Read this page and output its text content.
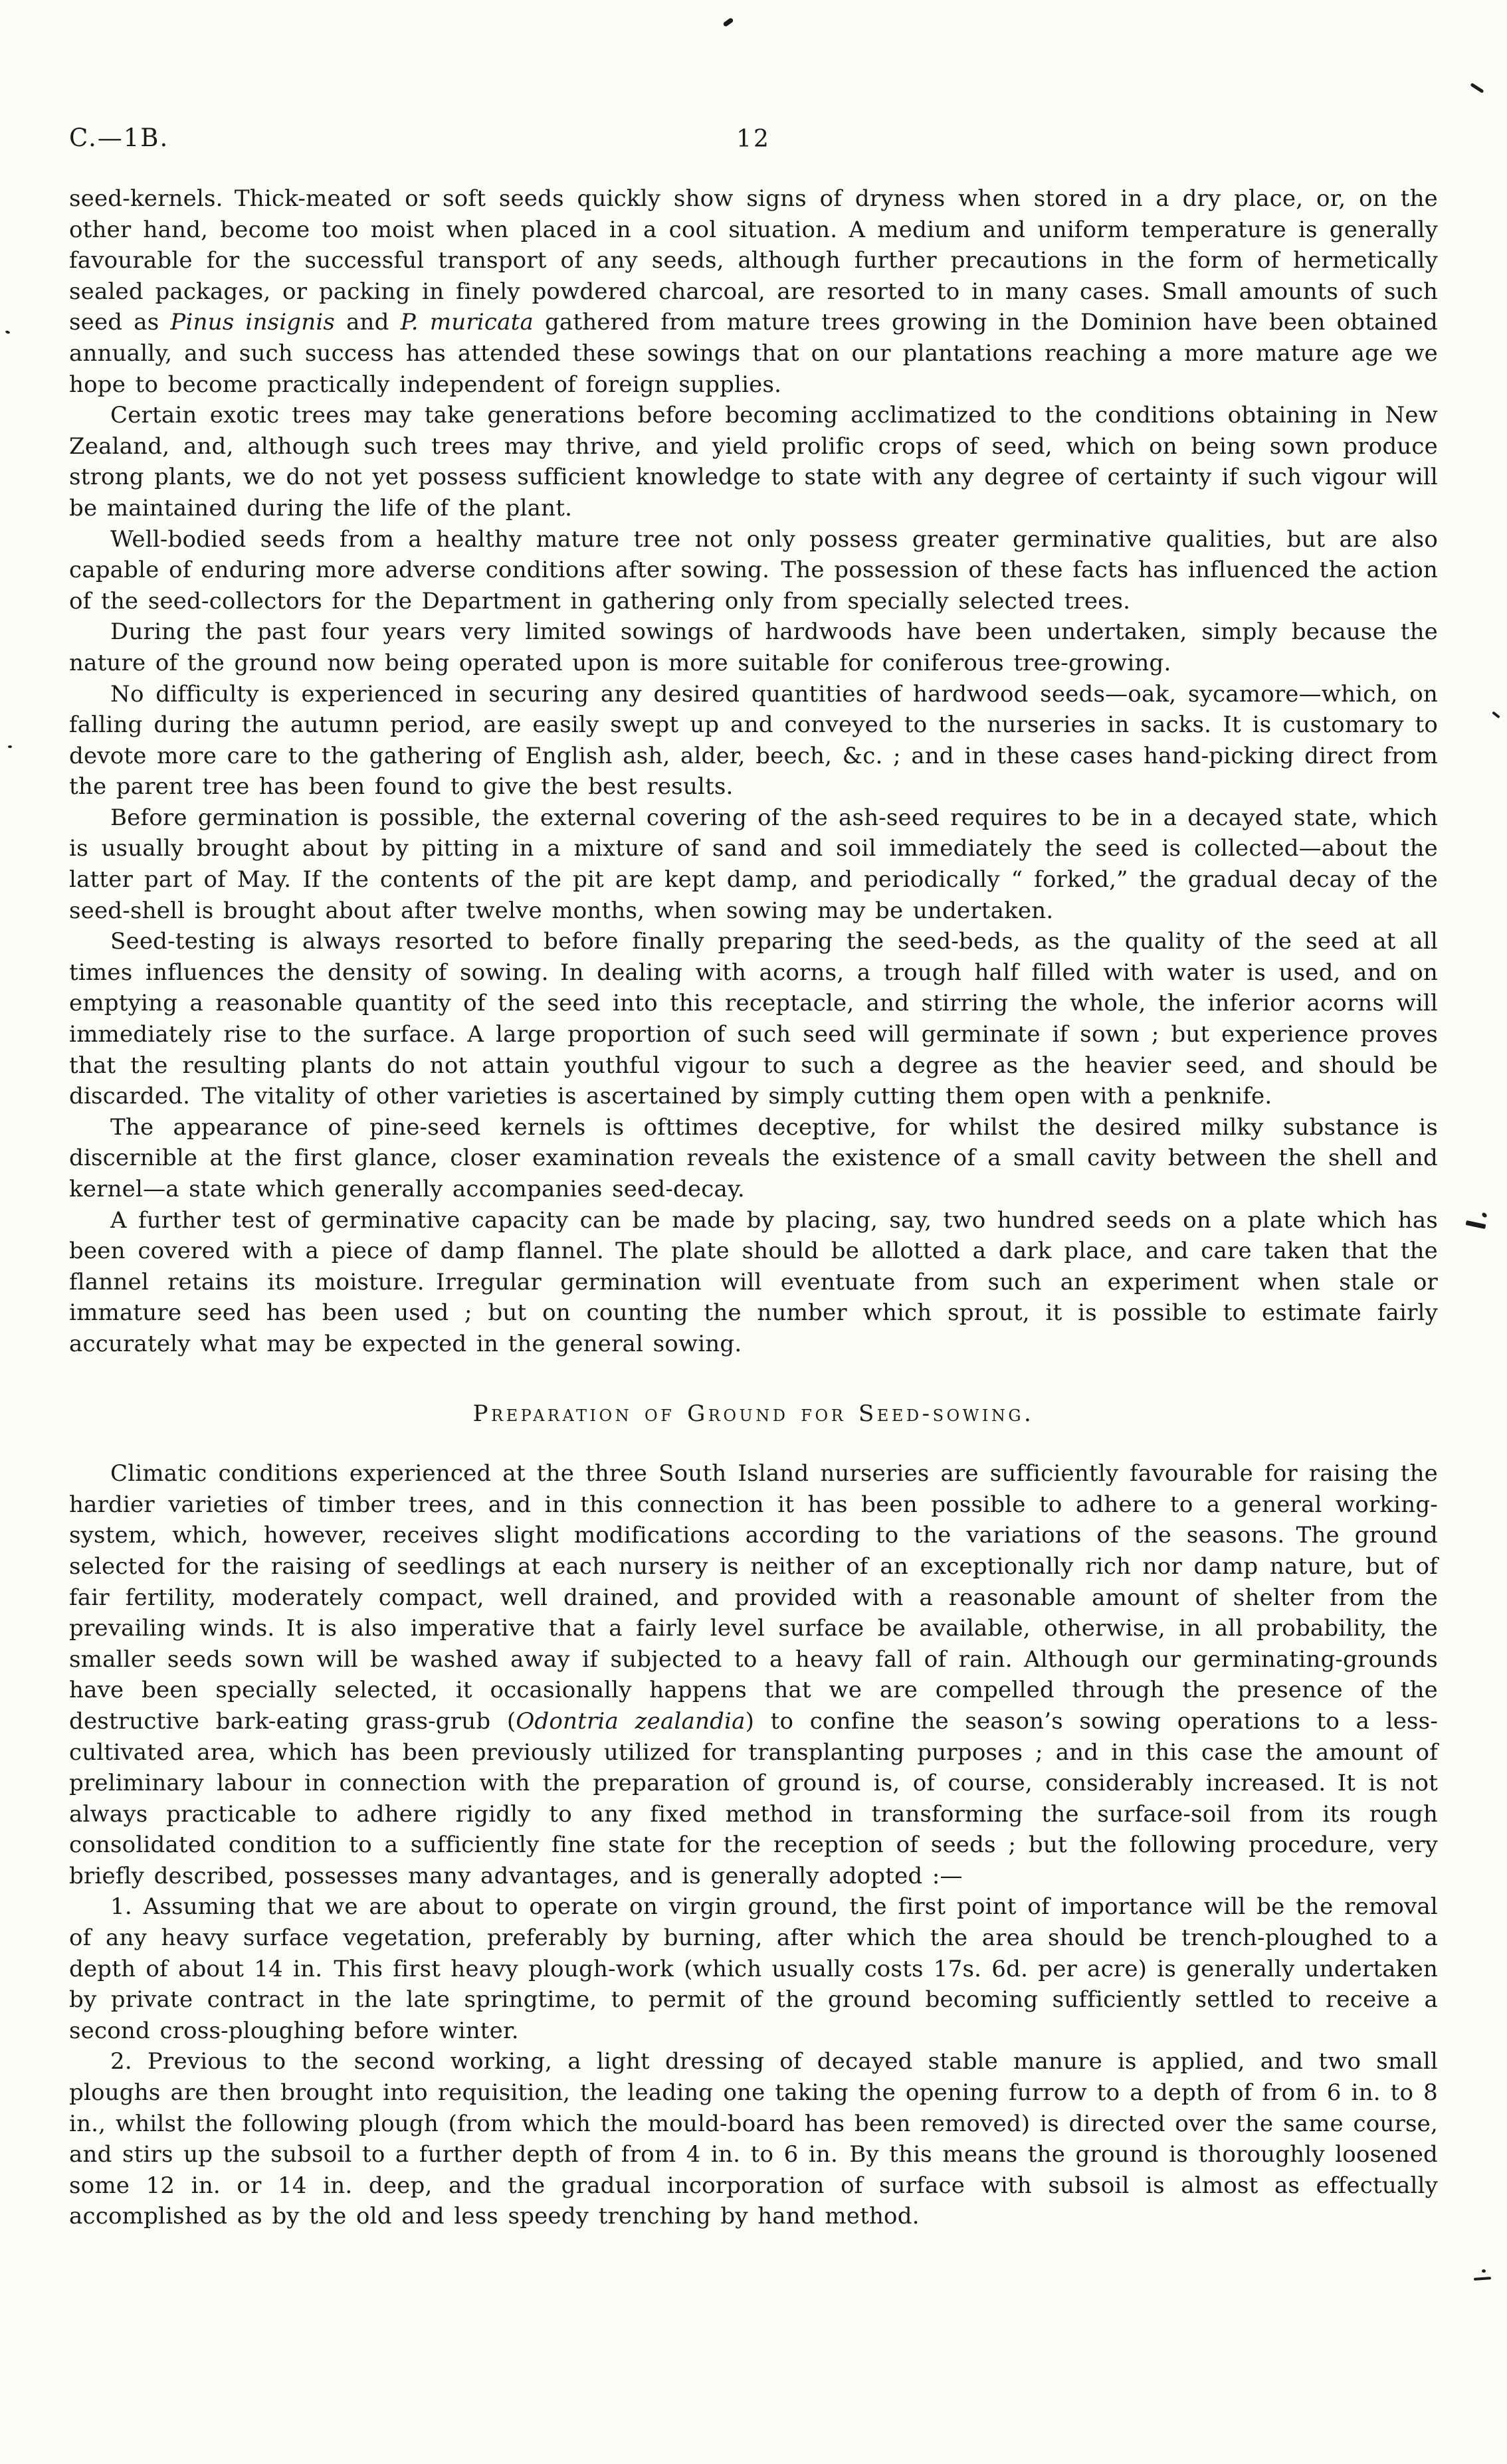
C.—1B.	12

seed-kernels. Thick-meated or soft seeds quickly show signs of dryness when stored in a dry place, or, on the other hand, become too moist when placed in a cool situation. A medium and uniform temperature is generally favourable for the successful transport of any seeds, although further precautions in the form of hermetically sealed packages, or packing in finely powdered charcoal, are resorted to in many cases. Small amounts of such seed as Pinus insignis and P. muricata gathered from mature trees growing in the Dominion have been obtained annually, and such success has attended these sowings that on our plantations reaching a more mature age we hope to become practically independent of foreign supplies.

Certain exotic trees may take generations before becoming acclimatized to the conditions obtaining in New Zealand, and, although such trees may thrive, and yield prolific crops of seed, which on being sown produce strong plants, we do not yet possess sufficient knowledge to state with any degree of certainty if such vigour will be maintained during the life of the plant.

Well-bodied seeds from a healthy mature tree not only possess greater germinative qualities, but are also capable of enduring more adverse conditions after sowing. The possession of these facts has influenced the action of the seed-collectors for the Department in gathering only from specially selected trees.

During the past four years very limited sowings of hardwoods have been undertaken, simply because the nature of the ground now being operated upon is more suitable for coniferous tree-growing.

No difficulty is experienced in securing any desired quantities of hardwood seeds—oak, sycamore—which, on falling during the autumn period, are easily swept up and conveyed to the nurseries in sacks. It is customary to devote more care to the gathering of English ash, alder, beech, &c. ; and in these cases hand-picking direct from the parent tree has been found to give the best results.

Before germination is possible, the external covering of the ash-seed requires to be in a decayed state, which is usually brought about by pitting in a mixture of sand and soil immediately the seed is collected—about the latter part of May. If the contents of the pit are kept damp, and periodically “ forked,” the gradual decay of the seed-shell is brought about after twelve months, when sowing may be undertaken.

Seed-testing is always resorted to before finally preparing the seed-beds, as the quality of the seed at all times influences the density of sowing. In dealing with acorns, a trough half filled with water is used, and on emptying a reasonable quantity of the seed into this receptacle, and stirring the whole, the inferior acorns will immediately rise to the surface. A large proportion of such seed will germinate if sown ; but experience proves that the resulting plants do not attain youthful vigour to such a degree as the heavier seed, and should be discarded. The vitality of other varieties is ascertained by simply cutting them open with a penknife.

The appearance of pine-seed kernels is ofttimes deceptive, for whilst the desired milky substance is discernible at the first glance, closer examination reveals the existence of a small cavity between the shell and kernel—a state which generally accompanies seed-decay.

A further test of germinative capacity can be made by placing, say, two hundred seeds on a plate which has been covered with a piece of damp flannel. The plate should be allotted a dark place, and care taken that the flannel retains its moisture. Irregular germination will eventuate from such an experiment when stale or immature seed has been used ; but on counting the number which sprout, it is possible to estimate fairly accurately what may be expected in the general sowing.

Preparation of Ground for Seed-sowing.

Climatic conditions experienced at the three South Island nurseries are sufficiently favourable for raising the hardier varieties of timber trees, and in this connection it has been possible to adhere to a general working-system, which, however, receives slight modifications according to the variations of the seasons. The ground selected for the raising of seedlings at each nursery is neither of an exceptionally rich nor damp nature, but of fair fertility, moderately compact, well drained, and provided with a reasonable amount of shelter from the prevailing winds. It is also imperative that a fairly level surface be available, otherwise, in all probability, the smaller seeds sown will be washed away if subjected to a heavy fall of rain. Although our germinating-grounds have been specially selected, it occasionally happens that we are compelled through the presence of the destructive bark-eating grass-grub (Odontria zealandia) to confine the season’s sowing operations to a less-cultivated area, which has been previously utilized for transplanting purposes ; and in this case the amount of preliminary labour in connection with the preparation of ground is, of course, considerably increased. It is not always practicable to adhere rigidly to any fixed method in transforming the surface-soil from its rough consolidated condition to a sufficiently fine state for the reception of seeds ; but the following procedure, very briefly described, possesses many advantages, and is generally adopted :—

1. Assuming that we are about to operate on virgin ground, the first point of importance will be the removal of any heavy surface vegetation, preferably by burning, after which the area should be trench-ploughed to a depth of about 14 in. This first heavy plough-work (which usually costs 17s. 6d. per acre) is generally undertaken by private contract in the late springtime, to permit of the ground becoming sufficiently settled to receive a second cross-ploughing before winter.

2. Previous to the second working, a light dressing of decayed stable manure is applied, and two small ploughs are then brought into requisition, the leading one taking the opening furrow to a depth of from 6 in. to 8 in., whilst the following plough (from which the mould-board has been removed) is directed over the same course, and stirs up the subsoil to a further depth of from 4 in. to 6 in. By this means the ground is thoroughly loosened some 12 in. or 14 in. deep, and the gradual incorporation of surface with subsoil is almost as effectually accomplished as by the old and less speedy trenching by hand method.
